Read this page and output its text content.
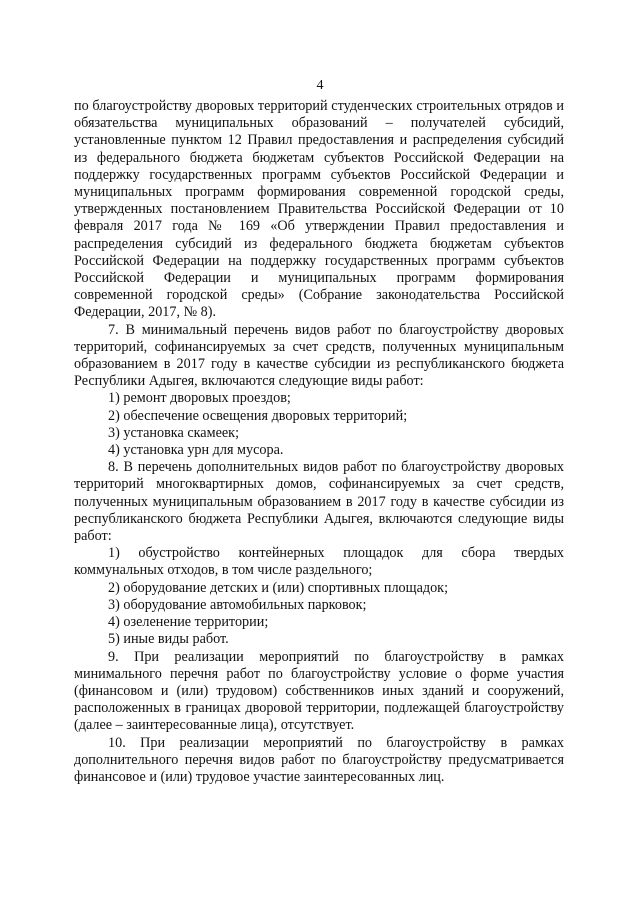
4

по благоустройству дворовых территорий студенческих строительных отрядов и обязательства муниципальных образований – получателей субсидий, установленные пунктом 12 Правил предоставления и распределения субсидий из федерального бюджета бюджетам субъектов Российской Федерации на поддержку государственных программ субъектов Российской Федерации и муниципальных программ формирования современной городской среды, утвержденных постановлением Правительства Российской Федерации от 10 февраля 2017 года № 169 «Об утверждении Правил предоставления и распределения субсидий из федерального бюджета бюджетам субъектов Российской Федерации на поддержку государственных программ субъектов Российской Федерации и муниципальных программ формирования современной городской среды» (Собрание законодательства Российской Федерации, 2017, № 8).

7. В минимальный перечень видов работ по благоустройству дворовых территорий, софинансируемых за счет средств, полученных муниципальным образованием в 2017 году в качестве субсидии из республиканского бюджета Республики Адыгея, включаются следующие виды работ:

1) ремонт дворовых проездов;

2) обеспечение освещения дворовых территорий;

3) установка скамеек;

4) установка урн для мусора.

8. В перечень дополнительных видов работ по благоустройству дворовых территорий многоквартирных домов, софинансируемых за счет средств, полученных муниципальным образованием в 2017 году в качестве субсидии из республиканского бюджета Республики Адыгея, включаются следующие виды работ:

1) обустройство контейнерных площадок для сбора твердых коммунальных отходов, в том числе раздельного;

2) оборудование детских и (или) спортивных площадок;

3) оборудование автомобильных парковок;

4) озеленение территории;

5) иные виды работ.

9. При реализации мероприятий по благоустройству в рамках минимального перечня работ по благоустройству условие о форме участия (финансовом и (или) трудовом) собственников иных зданий и сооружений, расположенных в границах дворовой территории, подлежащей благоустройству (далее – заинтересованные лица), отсутствует.

10. При реализации мероприятий по благоустройству в рамках дополнительного перечня видов работ по благоустройству предусматривается финансовое и (или) трудовое участие заинтересованных лиц.
